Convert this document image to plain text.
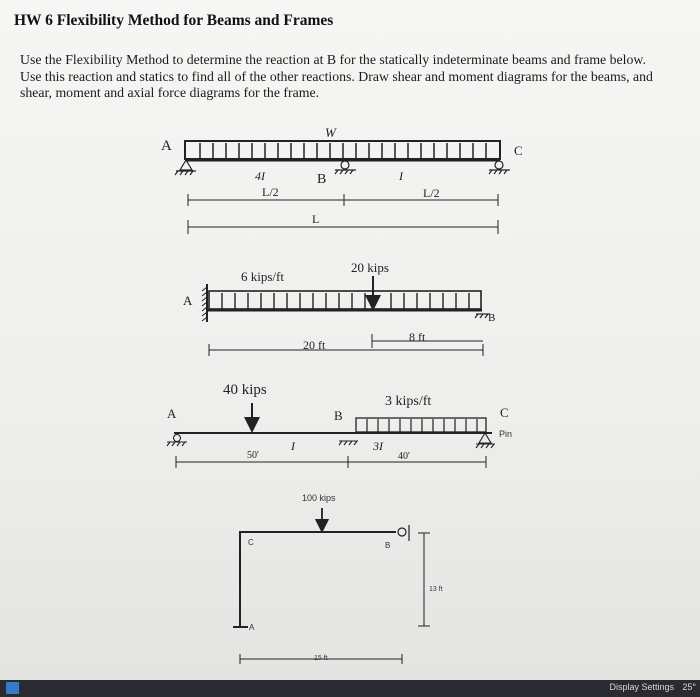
HW 6 Flexibility Method for Beams and Frames

Use the Flexibility Method to determine the reaction at B for the statically indeterminate beams and frame below. Use this reaction and statics to find all of the other reactions. Draw shear and moment diagrams for the beams, and shear, moment and axial force diagrams for the frame.

A
W
B
C
4I	I
L/2	L/2
L
A
B
6 kips/ft
20 kips
20 ft
8 ft
A	B	C
Pin
40 kips
3 kips/ft
I	3I
50'	40'
100 kips
C	B
A
13 ft
15 ft
Display Settings 25°
